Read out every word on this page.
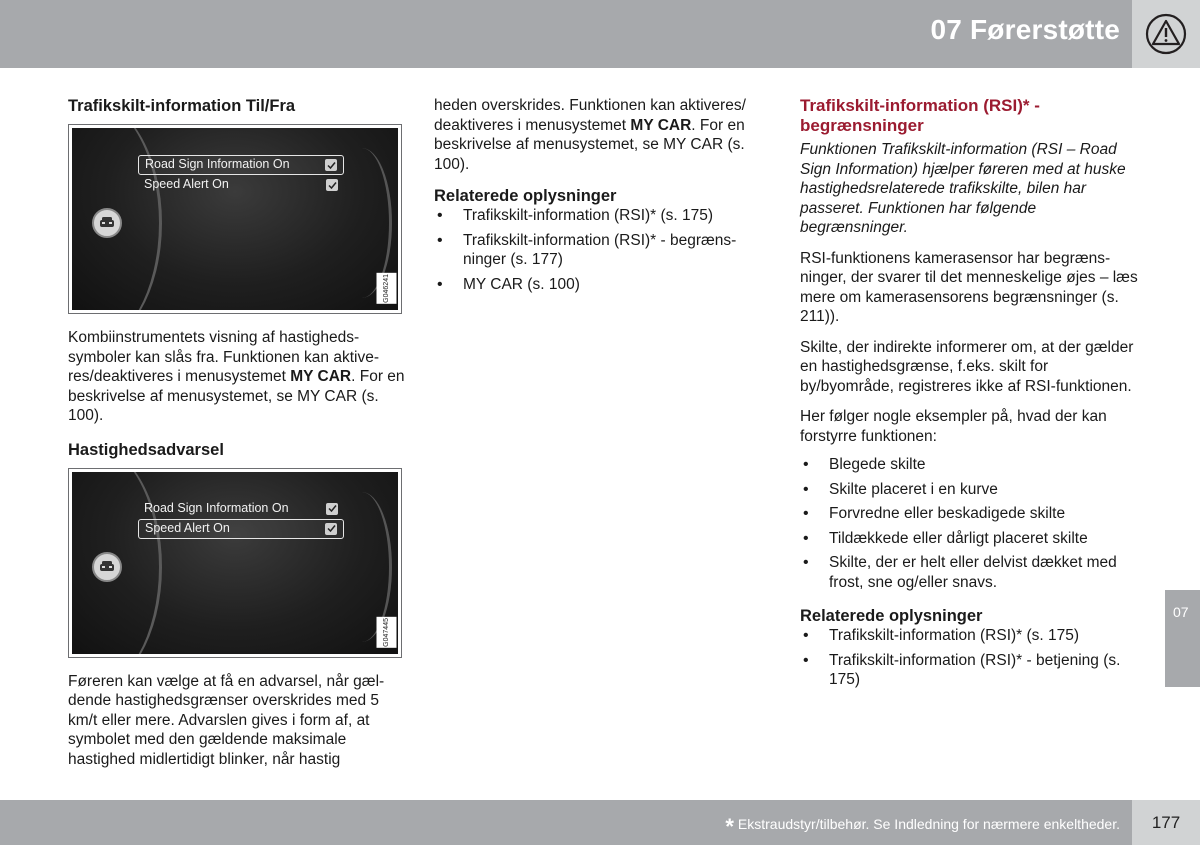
07 Førerstøtte
Trafikskilt-information Til/Fra
Road Sign Information On
Speed Alert On
G046241

Kombiinstrumentets visning af hastighedssymboler kan slås fra. Funktionen kan aktiveres/deaktiveres i menusystemet MY CAR. For en beskrivelse af menusystemet, se MY CAR (s. 100).

Hastighedsadvarsel
Road Sign Information On
Speed Alert On
G047445

Føreren kan vælge at få en advarsel, når gældende hastighedsgrænser overskrides med 5 km/t eller mere. Advarslen gives i form af, at symbolet med den gældende maksimale hastighed midlertidigt blinker, når hastig

heden overskrides. Funktionen kan aktiveres/ deaktiveres i menusystemet MY CAR. For en beskrivelse af menusystemet, se MY CAR (s. 100).

Relaterede oplysninger
• Trafikskilt-information (RSI)* (s. 175)
• Trafikskilt-information (RSI)* - begrænsninger (s. 177)
• MY CAR (s. 100)
Trafikskilt-information (RSI)* - begrænsninger

Funktionen Trafikskilt-information (RSI – Road Sign Information) hjælper føreren med at huske hastighedsrelaterede trafikskilte, bilen har passeret. Funktionen har følgende begrænsninger.

RSI-funktionens kamerasensor har begrænsninger, der svarer til det menneskelige øjes – læs mere om kamerasensorens begrænsninger (s. 211)).

Skilte, der indirekte informerer om, at der gælder en hastighedsgrænse, f.eks. skilt for by/byområde, registreres ikke af RSI-funktionen.

Her følger nogle eksempler på, hvad der kan forstyrre funktionen:

• Blegede skilte
• Skilte placeret i en kurve
• Forvredne eller beskadigede skilte
• Tildækkede eller dårligt placeret skilte
• Skilte, der er helt eller delvist dækket med frost, sne og/eller snavs.
Relaterede oplysninger
• Trafikskilt-information (RSI)* (s. 175)
• Trafikskilt-information (RSI)* - betjening (s. 175)
07
* Ekstraudstyr/tilbehør. Se Indledning for nærmere enkeltheder.	177
